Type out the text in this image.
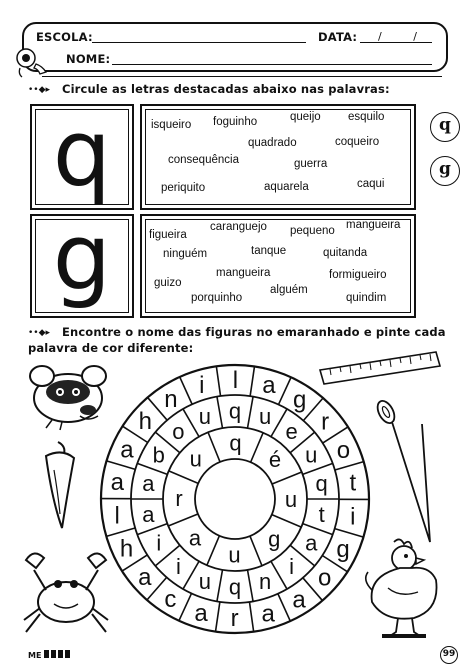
ESCOLA:	DATA: / /
NOME:
••◆▸ Circule as letras destacadas abaixo nas palavras:
q	isqueiro foguinho	queijo esquilo
quadrado	coqueiro
consequência	guerra
periquito	aquarela	caqui
g	figueira
caranguejo pequeno mangueira
ninguém	tanque	quitanda
guizo
mangueira	formigueiro
porquinho
alguém
quindim
q
g
••◆▸ Encontre o nome das figuras no emaranhado e pinte cada
palavra de cor diferente:
l a
g
r
o
t
i
g
o
a
a
r
a
c
a
h
l
a
a
h
n
i
q u
e
u
q
t
a
i
n
q
u
i
i
a
a
b
o
u
q
é
u
g
u
a
r
u
ME	99
